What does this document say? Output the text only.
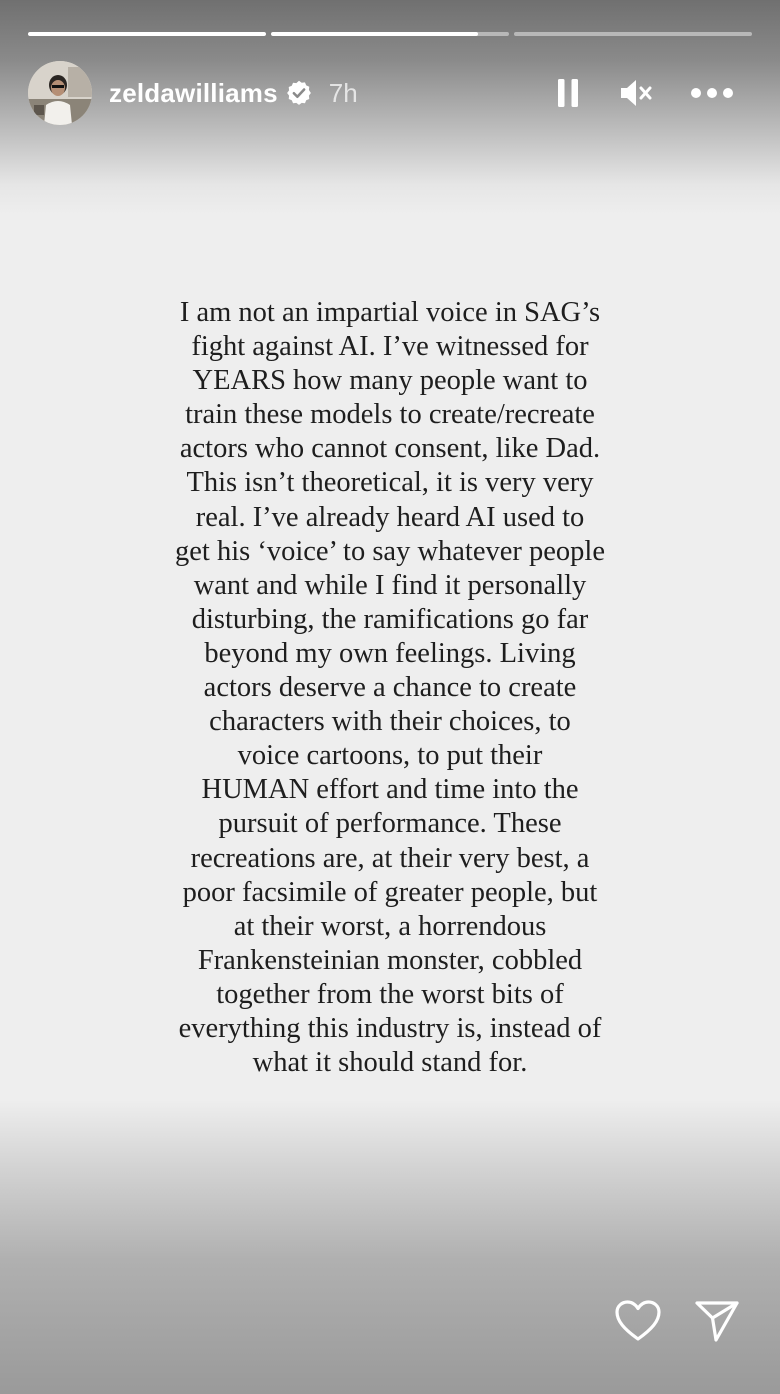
zeldawilliams 7h
I am not an impartial voice in SAG’s
fight against AI. I’ve witnessed for
YEARS how many people want to
train these models to create/recreate
actors who cannot consent, like Dad.
This isn’t theoretical, it is very very
real. I’ve already heard AI used to
get his ‘voice’ to say whatever people
want and while I find it personally
disturbing, the ramifications go far
beyond my own feelings. Living
actors deserve a chance to create
characters with their choices, to
voice cartoons, to put their
HUMAN effort and time into the
pursuit of performance. These
recreations are, at their very best, a
poor facsimile of greater people, but
at their worst, a horrendous
Frankensteinian monster, cobbled
together from the worst bits of
everything this industry is, instead of
what it should stand for.
